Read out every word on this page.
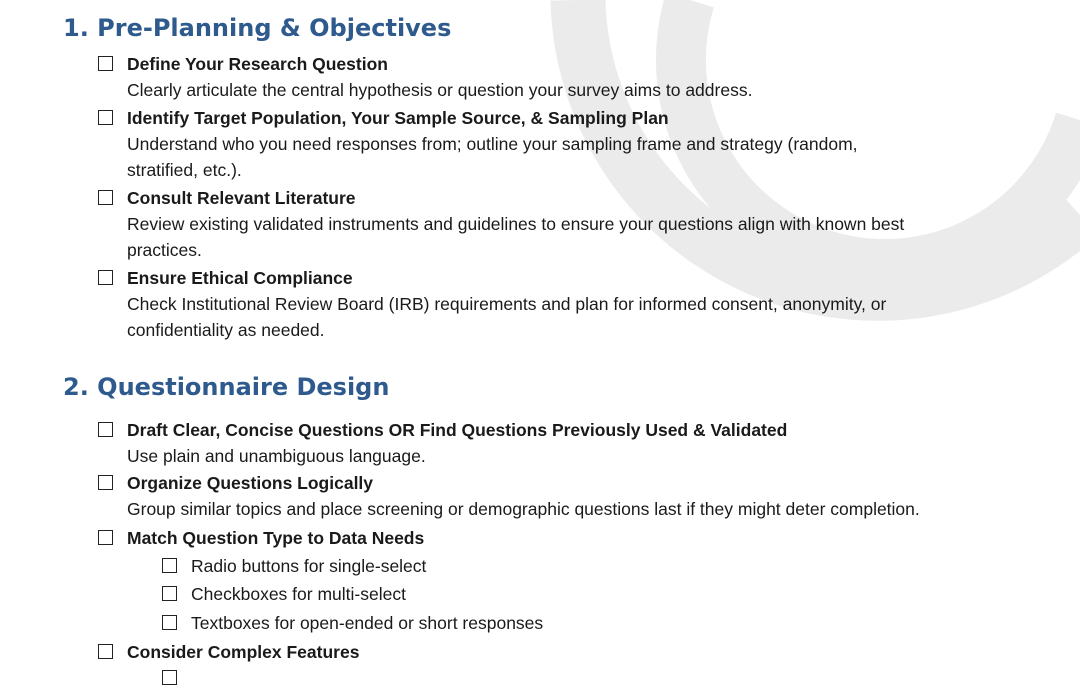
1. Pre-Planning & Objectives
Define Your Research Question
Clearly articulate the central hypothesis or question your survey aims to address.
Identify Target Population, Your Sample Source, & Sampling Plan
Understand who you need responses from; outline your sampling frame and strategy (random,
stratified, etc.).
Consult Relevant Literature
Review existing validated instruments and guidelines to ensure your questions align with known best
practices.
Ensure Ethical Compliance
Check Institutional Review Board (IRB) requirements and plan for informed consent, anonymity, or
confidentiality as needed.
2. Questionnaire Design
Draft Clear, Concise Questions OR Find Questions Previously Used & Validated
Use plain and unambiguous language.
Organize Questions Logically
Group similar topics and place screening or demographic questions last if they might deter completion.
Match Question Type to Data Needs
Radio buttons for single-select
Checkboxes for multi-select
Textboxes for open-ended or short responses
Consider Complex Features
